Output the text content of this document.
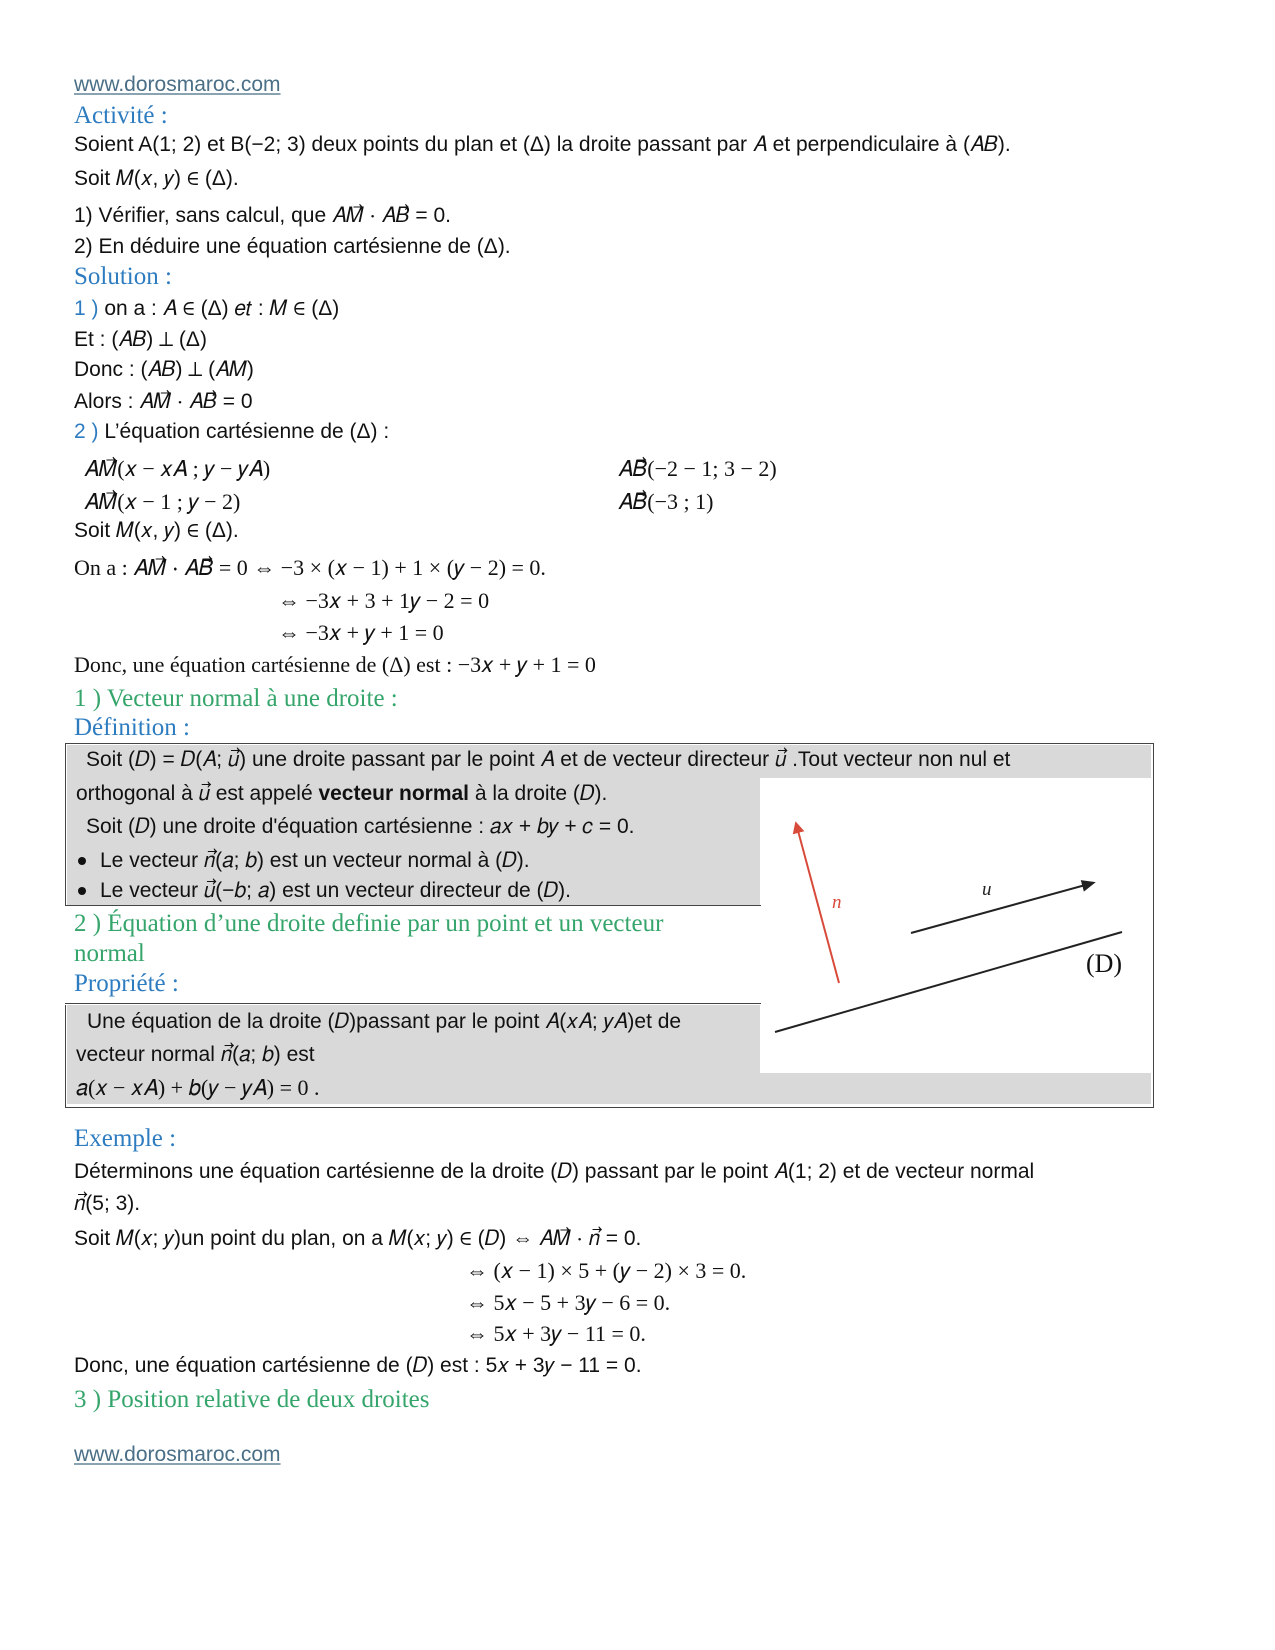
www.dorosmaroc.com
Activité :
Soient A(1; 2) et B(−2; 3) deux points du plan et (Δ) la droite passant par 𝐴 et perpendiculaire à (𝐴𝐵).
Soit 𝑀(𝑥, 𝑦) ∈ (Δ).
1) Vérifier, sans calcul, que 𝐴𝑀⃗ ⋅ 𝐴𝐵⃗ = 0.
2) En déduire une équation cartésienne de (Δ).
Solution :
1 ) on a : 𝐴 ∈ (Δ) 𝑒𝑡 : 𝑀 ∈ (Δ)
Et : (𝐴𝐵) ⊥ (Δ)
Donc : (𝐴𝐵) ⊥ (𝐴𝑀)
Alors : 𝐴𝑀⃗ ⋅ 𝐴𝐵⃗ = 0
2 ) L’équation cartésienne de (Δ) :
𝐴𝑀⃗(𝑥 − 𝑥𝐴 ; 𝑦 − 𝑦𝐴)
𝐴𝑀⃗(𝑥 − 1 ; 𝑦 − 2)
𝐴𝐵⃗(−2 − 1; 3 − 2)
𝐴𝐵⃗(−3 ; 1)
Soit 𝑀(𝑥, 𝑦) ∈ (Δ).
On a : 𝐴𝑀⃗ ⋅ 𝐴𝐵⃗ = 0 ⇔ −3 × (𝑥 − 1) + 1 × (𝑦 − 2) = 0.
⇔ −3𝑥 + 3 + 1𝑦 − 2 = 0
⇔ −3𝑥 + 𝑦 + 1 = 0
Donc, une équation cartésienne de (Δ) est : −3𝑥 + 𝑦 + 1 = 0
1 ) Vecteur normal à une droite :
Définition :
Soit (𝐷) = 𝐷(𝐴; 𝑢⃗) une droite passant par le point 𝐴 et de vecteur directeur 𝑢⃗ .Tout vecteur non nul et
orthogonal à 𝑢⃗ est appelé vecteur normal à la droite (𝐷).
Soit (𝐷) une droite d'équation cartésienne : 𝑎𝑥 + 𝑏𝑦 + 𝑐 = 0.
Le vecteur 𝑛⃗(𝑎; 𝑏) est un vecteur normal à (𝐷).
Le vecteur 𝑢⃗(−𝑏; 𝑎) est un vecteur directeur de (𝐷).
n⃗
u⃗
(D)
2 ) Équation d’une droite definie par un point et un vecteur
normal
Propriété :
Une équation de la droite (𝐷)passant par le point 𝐴(𝑥𝐴; 𝑦𝐴)et de
vecteur normal 𝑛⃗(𝑎; 𝑏) est
𝑎(𝑥 − 𝑥𝐴) + 𝑏(𝑦 − 𝑦𝐴) = 0 .
Exemple :
Déterminons une équation cartésienne de la droite (𝐷) passant par le point 𝐴(1; 2) et de vecteur normal
𝑛⃗(5; 3).
Soit 𝑀(𝑥; 𝑦)un point du plan, on a 𝑀(𝑥; 𝑦) ∈ (𝐷) ⇔ 𝐴𝑀⃗ ⋅ 𝑛⃗ = 0.
⇔ (𝑥 − 1) × 5 + (𝑦 − 2) × 3 = 0.
⇔ 5𝑥 − 5 + 3𝑦 − 6 = 0.
⇔ 5𝑥 + 3𝑦 − 11 = 0.
Donc, une équation cartésienne de (𝐷) est : 5𝑥 + 3𝑦 − 11 = 0.
3 ) Position relative de deux droites
www.dorosmaroc.com
